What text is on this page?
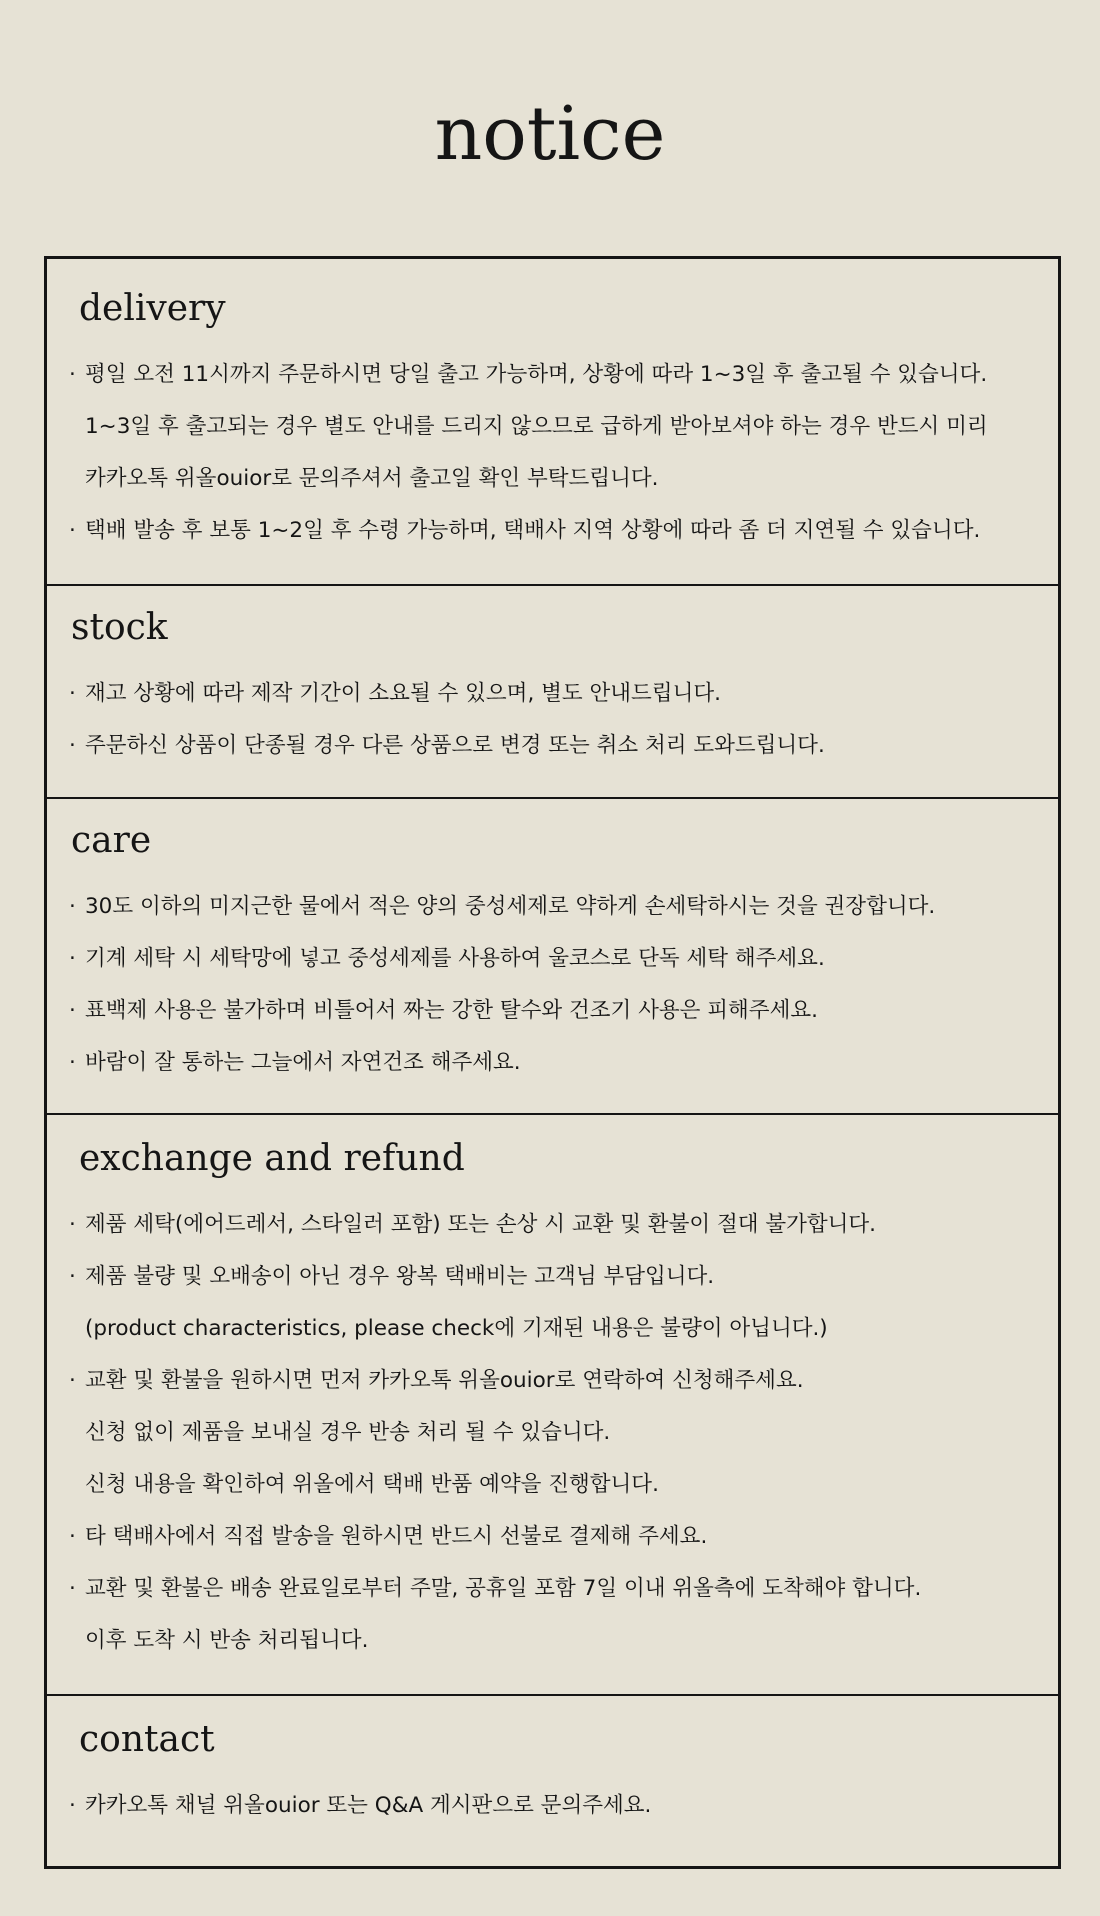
notice
delivery
· 평일 오전 11시까지 주문하시면 당일 출고 가능하며, 상황에 따라 1~3일 후 출고될 수 있습니다.
1~3일 후 출고되는 경우 별도 안내를 드리지 않으므로 급하게 받아보셔야 하는 경우 반드시 미리
카카오톡 위올ouior로 문의주셔서 출고일 확인 부탁드립니다.
· 택배 발송 후 보통 1~2일 후 수령 가능하며, 택배사 지역 상황에 따라 좀 더 지연될 수 있습니다.
stock
· 재고 상황에 따라 제작 기간이 소요될 수 있으며, 별도 안내드립니다.
· 주문하신 상품이 단종될 경우 다른 상품으로 변경 또는 취소 처리 도와드립니다.
care
· 30도 이하의 미지근한 물에서 적은 양의 중성세제로 약하게 손세탁하시는 것을 권장합니다.
· 기계 세탁 시 세탁망에 넣고 중성세제를 사용하여 울코스로 단독 세탁 해주세요.
· 표백제 사용은 불가하며 비틀어서 짜는 강한 탈수와 건조기 사용은 피해주세요.
· 바람이 잘 통하는 그늘에서 자연건조 해주세요.
exchange and refund
· 제품 세탁(에어드레서, 스타일러 포함) 또는 손상 시 교환 및 환불이 절대 불가합니다.
· 제품 불량 및 오배송이 아닌 경우 왕복 택배비는 고객님 부담입니다.
(product characteristics, please check에 기재된 내용은 불량이 아닙니다.)
· 교환 및 환불을 원하시면 먼저 카카오톡 위올ouior로 연락하여 신청해주세요.
신청 없이 제품을 보내실 경우 반송 처리 될 수 있습니다.
신청 내용을 확인하여 위올에서 택배 반품 예약을 진행합니다.
· 타 택배사에서 직접 발송을 원하시면 반드시 선불로 결제해 주세요.
· 교환 및 환불은 배송 완료일로부터 주말, 공휴일 포함 7일 이내 위올측에 도착해야 합니다.
이후 도착 시 반송 처리됩니다.
contact
· 카카오톡 채널 위올ouior 또는 Q&A 게시판으로 문의주세요.
